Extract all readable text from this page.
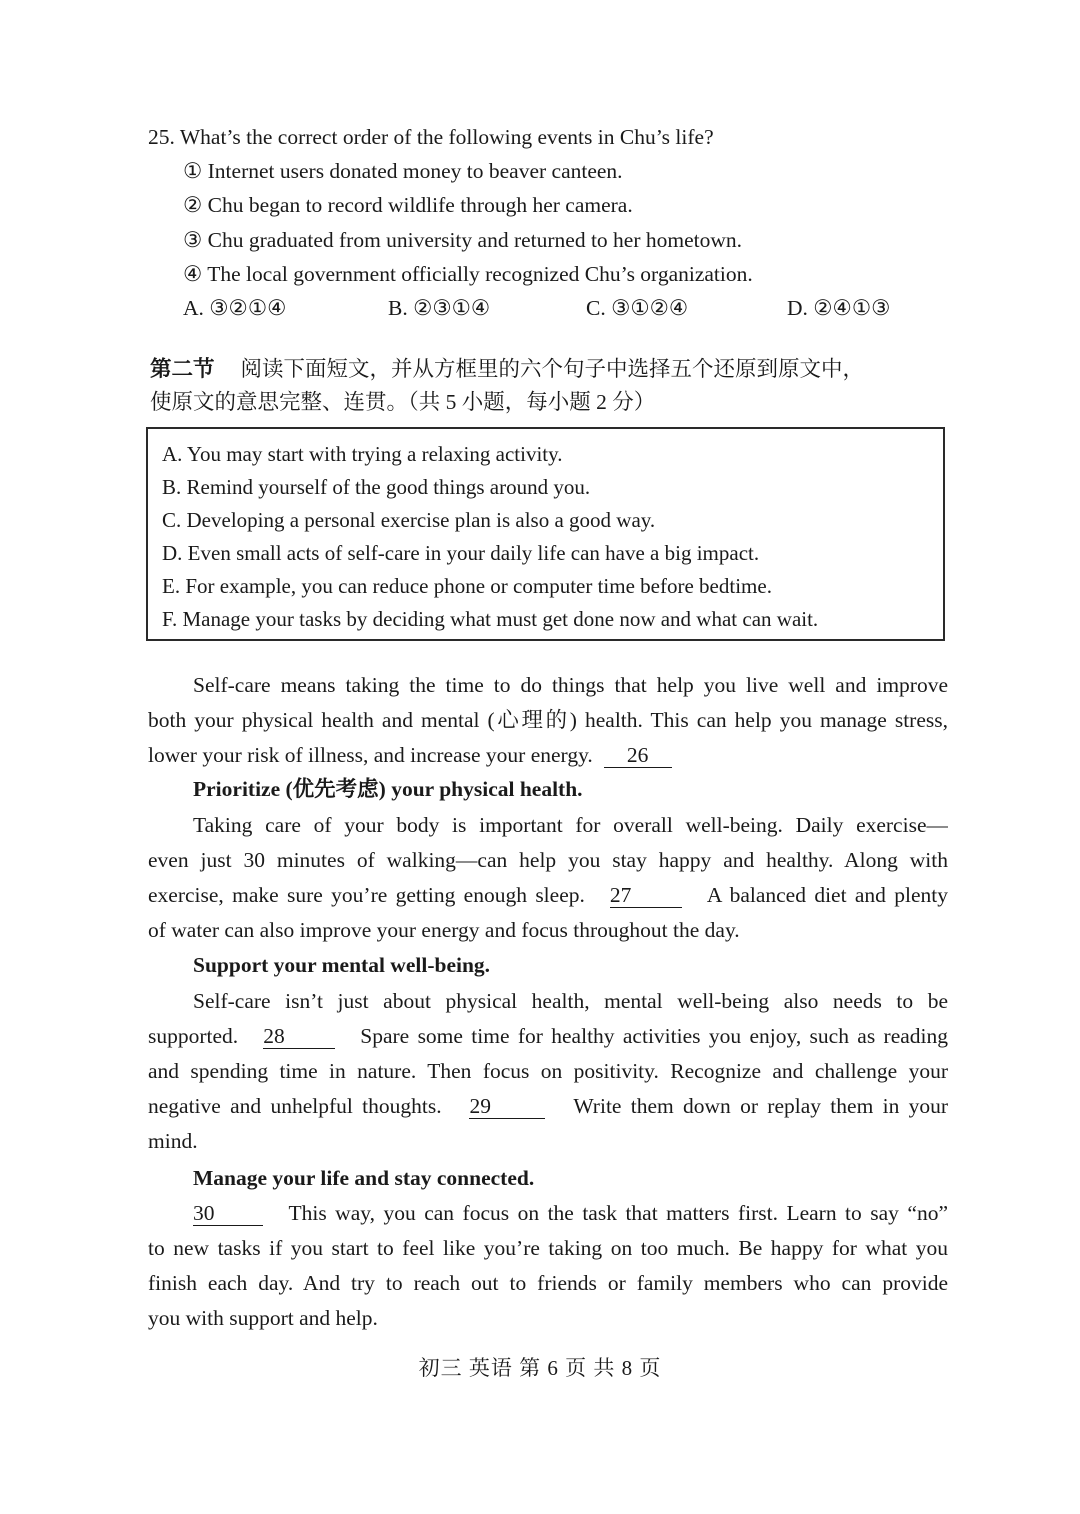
25. What’s the correct order of the following events in Chu’s life?
① Internet users donated money to beaver canteen.
② Chu began to record wildlife through her camera.
③ Chu graduated from university and returned to her hometown.
④ The local government officially recognized Chu’s organization.
A. ③②①④	B. ②③①④	C. ③①②④	D. ②④①③
第二节 阅读下面短文，并从方框里的六个句子中选择五个还原到原文中，
使原文的意思完整、连贯。（共 5 小题，每小题 2 分）
A. You may start with trying a relaxing activity.
B. Remind yourself of the good things around you.
C. Developing a personal exercise plan is also a good way.
D. Even small acts of self-care in your daily life can have a big impact.
E. For example, you can reduce phone or computer time before bedtime.
F. Manage your tasks by deciding what must get done now and what can wait.
Self-care means taking the time to do things that help you live well and improve
both your physical health and mental (心理的) health. This can help you manage stress,
lower your risk of illness, and increase your energy. 26
Prioritize (优先考虑) your physical health.
Taking care of your body is important for overall well-being. Daily exercise—
even just 30 minutes of walking—can help you stay happy and healthy. Along with
exercise, make sure you’re getting enough sleep. 27	A balanced diet and plenty
of water can also improve your energy and focus throughout the day.
Support your mental well-being.
Self-care isn’t just about physical health, mental well-being also needs to be
supported. 28	Spare some time for healthy activities you enjoy, such as reading
and spending time in nature. Then focus on positivity. Recognize and challenge your
negative and unhelpful thoughts. 29	Write them down or replay them in your
mind.
Manage your life and stay connected.
30	This way, you can focus on the task that matters first. Learn to say “no”
to new tasks if you start to feel like you’re taking on too much. Be happy for what you
finish each day. And try to reach out to friends or family members who can provide
you with support and help.
初三 英语 第 6 页 共 8 页
